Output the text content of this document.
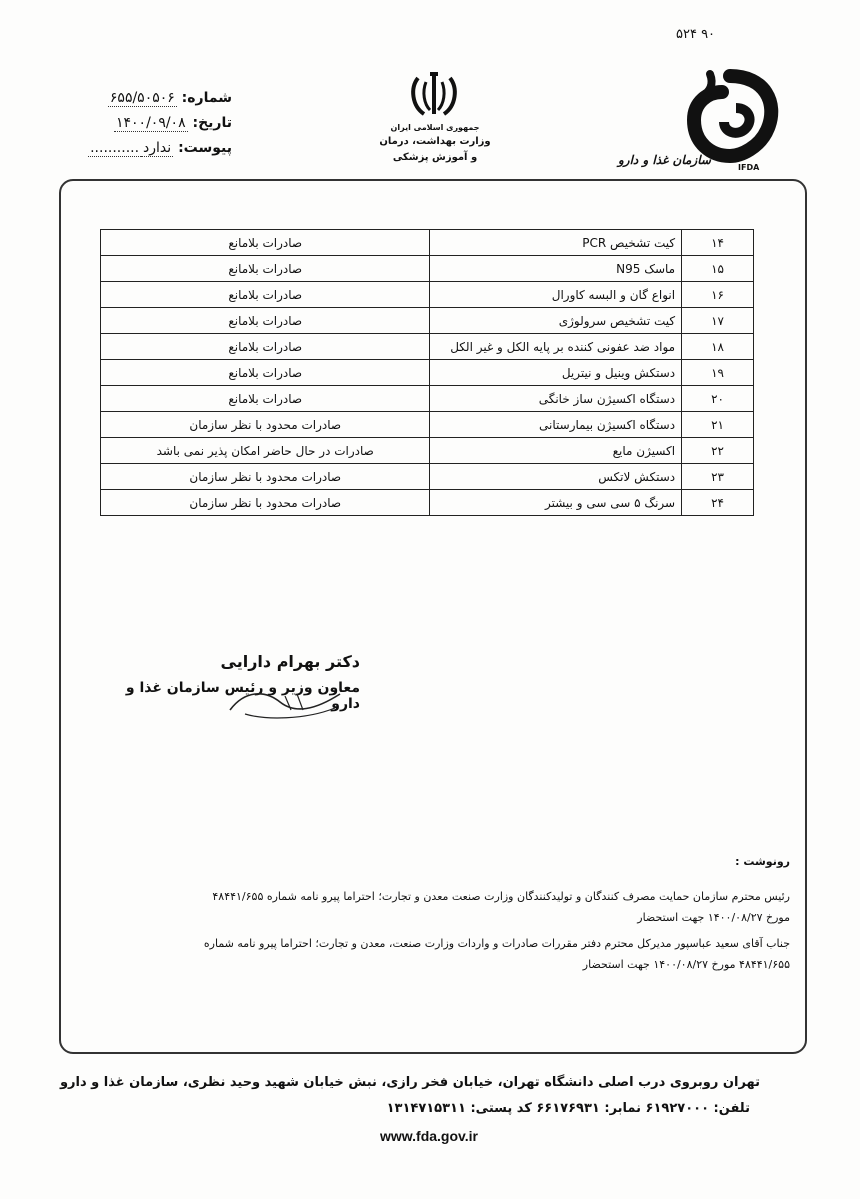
۵۲۴ ۹۰
جمهوری اسلامی ایران
وزارت بهداشت، درمان
و آموزش پزشکی	سازمان غذا و دارو
IFDA
شماره: ۶۵۵/۵۰۵۰۶
تاریخ: ۱۴۰۰/۰۹/۰۸
پیوست: ندارد...........
۱۴	کیت تشخیص PCR	صادرات بلامانع
۱۵	ماسک N95	صادرات بلامانع
۱۶	انواع گان و البسه کاورال	صادرات بلامانع
۱۷	کیت تشخیص سرولوژی	صادرات بلامانع
۱۸	مواد ضد عفونی کننده بر پایه الکل و غیر الکل	صادرات بلامانع
۱۹	دستکش وینیل و نیتریل	صادرات بلامانع
۲۰	دستگاه اکسیژن ساز خانگی	صادرات بلامانع
۲۱	دستگاه اکسیژن بیمارستانی	صادرات محدود با نظر سازمان
۲۲	اکسیژن مایع	صادرات در حال حاضر امکان پذیر نمی باشد
۲۳	دستکش لاتکس	صادرات محدود با نظر سازمان
۲۴	سرنگ ۵ سی سی و بیشتر	صادرات محدود با نظر سازمان
دکتر بهرام دارایی
معاون وزیر و رئیس سازمان غذا و دارو
رونوشت :
رئیس محترم سازمان حمایت مصرف کنندگان و تولیدکنندگان وزارت صنعت معدن و تجارت؛ احتراما پیرو نامه شماره ۴۸۴۴۱/۶۵۵
مورخ ۱۴۰۰/۰۸/۲۷ جهت استحضار
جناب آقای سعید عباسپور مدیرکل محترم دفتر مقررات صادرات و واردات وزارت صنعت، معدن و تجارت؛ احتراما پیرو نامه شماره
۴۸۴۴۱/۶۵۵ مورخ ۱۴۰۰/۰۸/۲۷ جهت استحضار
تهران روبروی درب اصلی دانشگاه تهران، خیابان فخر رازی، نبش خیابان شهید وحید نظری، سازمان غذا و دارو
تلفن: ۶۱۹۲۷۰۰۰ نمابر: ۶۶۱۷۶۹۳۱ کد پستی: ۱۳۱۴۷۱۵۳۱۱
www.fda.gov.ir
